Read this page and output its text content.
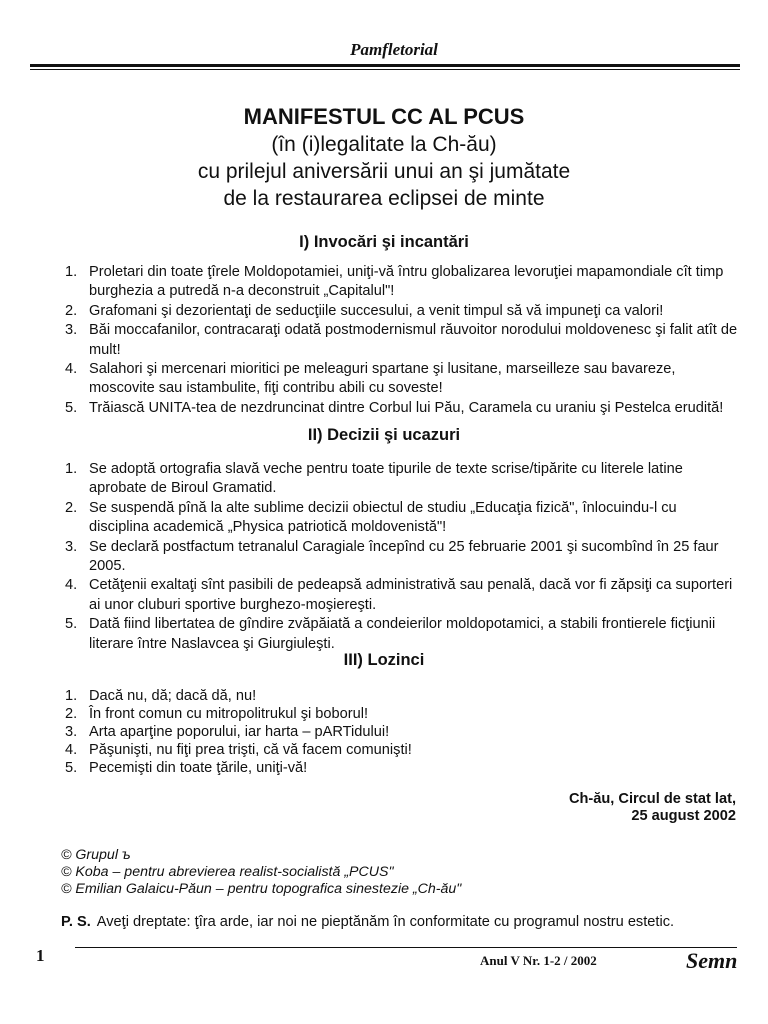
Pamfletorial
MANIFESTUL CC AL PCUS
(în (i)legalitate la Ch-ău)
cu prilejul aniversării unui an şi jumătate
de la restaurarea eclipsei de minte
I) Invocări şi incantări
1. Proletari din toate ţîrele Moldopotamiei, uniţi-vă întru globalizarea levoruţiei mapamondiale cît timp burghezia a putredă n-a deconstruit „Capitalul"!
2. Grafomani şi dezorientaţi de seducţiile succesului, a venit timpul să vă impuneţi ca valori!
3. Băi moccafanilor, contracaraţi odată postmodernismul răuvoitor norodului moldovenesc şi falit atît de mult!
4. Salahori şi mercenari mioritici pe meleaguri spartane şi lusitane, marseilleze sau bavareze, moscovite sau istambulite, fiţi contribu abili cu soveste!
5. Trăiască UNITA-tea de nezdruncinat dintre Corbul lui Pău, Caramela cu uraniu şi Pestelca erudită!
II) Decizii şi ucazuri
1. Se adoptă ortografia slavă veche pentru toate tipurile de texte scrise/tipărite cu literele latine aprobate de Biroul Gramatid.
2. Se suspendă pînă la alte sublime decizii obiectul de studiu „Educaţia fizică", înlocuindu-l cu disciplina academică „Physica patriotică moldovenistă"!
3. Se declară postfactum tetranalul Caragiale începînd cu 25 februarie 2001 şi sucombînd în 25 faur 2005.
4. Cetăţenii exaltaţi sînt pasibili de pedeapsă administrativă sau penală, dacă vor fi zăpsiţi ca suporteri ai unor cluburi sportive burghezo-moşiereşti.
5. Dată fiind libertatea de gîndire zvăpăiată a condeierilor moldopotamici, a stabili frontierele ficţiunii literare între Naslavcea şi Giurgiuleşti.
III) Lozinci
1. Dacă nu, dă; dacă dă, nu!
2. În front comun cu mitropolitrukul şi boborul!
3. Arta aparţine poporului, iar harta – pARTidului!
4. Păşunişti, nu fiţi prea trişti, că vă facem comunişti!
5. Pecemişti din toate ţările, uniţi-vă!
Ch-ău, Circul de stat lat,
25 august 2002
© Grupul ъ
© Koba – pentru abrevierea realist-socialistă „PCUS"
© Emilian Galaicu-Păun – pentru topografica sinestezie „Ch-ău"
P. S. Aveţi dreptate: ţîra arde, iar noi ne pieptănăm în conformitate cu programul nostru estetic.
1	Anul V Nr. 1-2 / 2002	Semn
